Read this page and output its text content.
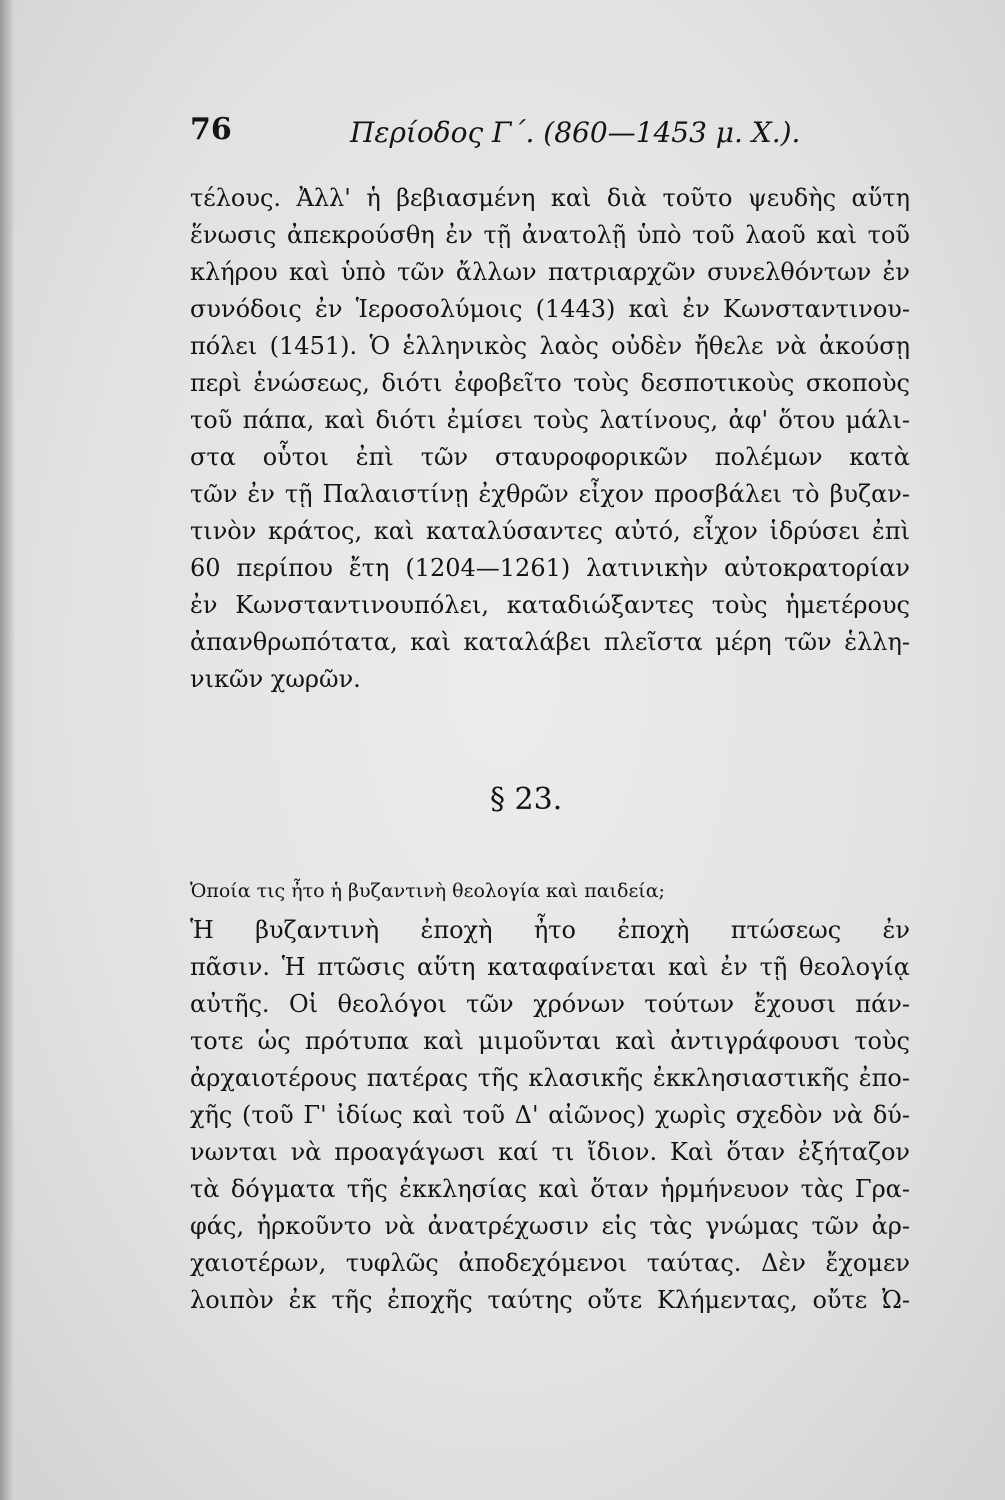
76	Περίοδος Γ΄. (860—1453 μ. Χ.).
τέλους. Ἀλλ' ἡ βεβιασμένη καὶ διὰ τοῦτο ψευδὴς αὕτη
ἕνωσις ἀπεκρούσθη ἐν τῇ ἀνατολῇ ὑπὸ τοῦ λαοῦ καὶ τοῦ
κλήρου καὶ ὑπὸ τῶν ἄλλων πατριαρχῶν συνελθόντων ἐν
συνόδοις ἐν Ἱεροσολύμοις (1443) καὶ ἐν Κωνσταντινου-
πόλει (1451). Ὁ ἑλληνικὸς λαὸς οὐδὲν ἤθελε νὰ ἀκούσῃ
περὶ ἑνώσεως, διότι ἐφοβεῖτο τοὺς δεσποτικοὺς σκοποὺς
τοῦ πάπα, καὶ διότι ἐμίσει τοὺς λατίνους, ἀφ' ὅτου μάλι-
στα οὗτοι ἐπὶ τῶν σταυροφορικῶν πολέμων κατὰ
τῶν ἐν τῇ Παλαιστίνῃ ἐχθρῶν εἶχον προσβάλει τὸ βυζαν-
τινὸν κράτος, καὶ καταλύσαντες αὐτό, εἶχον ἱδρύσει ἐπὶ
60 περίπου ἔτη (1204—1261) λατινικὴν αὐτοκρατορίαν
ἐν Κωνσταντινουπόλει, καταδιώξαντες τοὺς ἡμετέρους
ἀπανθρωπότατα, καὶ καταλάβει πλεῖστα μέρη τῶν ἑλλη-
νικῶν χωρῶν.
§ 23.
Ὁποία τις ἦτο ἡ βυζαντινὴ θεολογία καὶ παιδεία;
Ἡ βυζαντινὴ ἐποχὴ ἦτο ἐποχὴ πτώσεως ἐν
πᾶσιν. Ἡ πτῶσις αὕτη καταφαίνεται καὶ ἐν τῇ θεολογίᾳ
αὐτῆς. Οἱ θεολόγοι τῶν χρόνων τούτων ἔχουσι πάν-
τοτε ὡς πρότυπα καὶ μιμοῦνται καὶ ἀντιγράφουσι τοὺς
ἀρχαιοτέρους πατέρας τῆς κλασικῆς ἐκκλησιαστικῆς ἐπο-
χῆς (τοῦ Γ' ἰδίως καὶ τοῦ Δ' αἰῶνος) χωρὶς σχεδὸν νὰ δύ-
νωνται νὰ προαγάγωσι καί τι ἴδιον. Καὶ ὅταν ἐξήταζον
τὰ δόγματα τῆς ἐκκλησίας καὶ ὅταν ἡρμήνευον τὰς Γρα-
φάς, ἠρκοῦντο νὰ ἀνατρέχωσιν εἰς τὰς γνώμας τῶν ἀρ-
χαιοτέρων, τυφλῶς ἀποδεχόμενοι ταύτας. Δὲν ἔχομεν
λοιπὸν ἐκ τῆς ἐποχῆς ταύτης οὔτε Κλήμεντας, οὔτε Ὠ-
